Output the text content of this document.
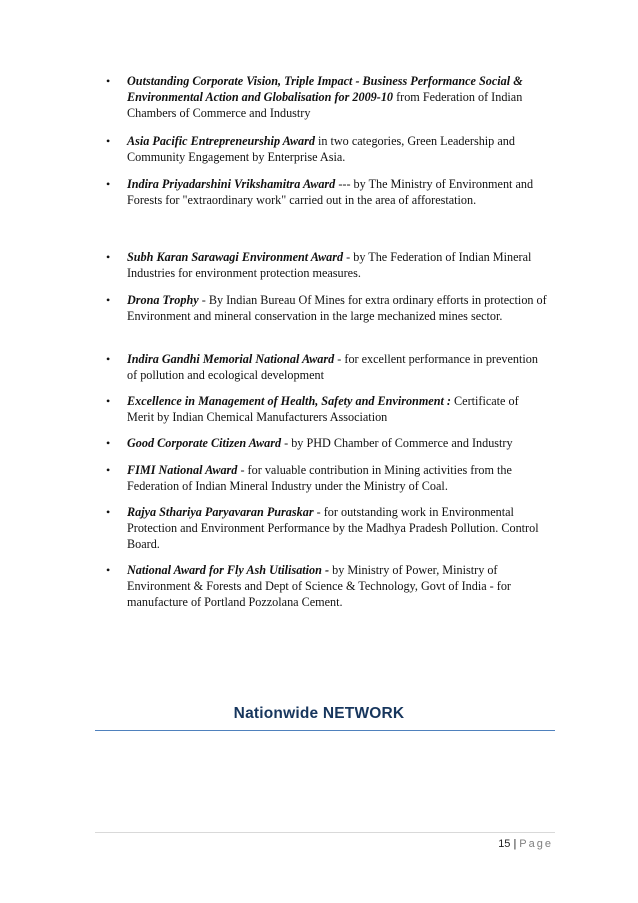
• Outstanding Corporate Vision, Triple Impact - Business Performance Social & Environmental Action and Globalisation for 2009-10 from Federation of Indian Chambers of Commerce and Industry
• Asia Pacific Entrepreneurship Award in two categories, Green Leadership and Community Engagement by Enterprise Asia.
• Indira Priyadarshini Vrikshamitra Award --- by The Ministry of Environment and Forests for "extraordinary work" carried out in the area of afforestation.
• Subh Karan Sarawagi Environment Award - by The Federation of Indian Mineral Industries for environment protection measures.
• Drona Trophy - By Indian Bureau Of Mines for extra ordinary efforts in protection of Environment and mineral conservation in the large mechanized mines sector.
• Indira Gandhi Memorial National Award - for excellent performance in prevention of pollution and ecological development
• Excellence in Management of Health, Safety and Environment : Certificate of Merit by Indian Chemical Manufacturers Association
• Good Corporate Citizen Award - by PHD Chamber of Commerce and Industry
• FIMI National Award - for valuable contribution in Mining activities from the Federation of Indian Mineral Industry under the Ministry of Coal.
• Rajya Sthariya Paryavaran Puraskar - for outstanding work in Environmental Protection and Environment Performance by the Madhya Pradesh Pollution. Control Board.
• National Award for Fly Ash Utilisation - by Ministry of Power, Ministry of Environment & Forests and Dept of Science & Technology, Govt of India - for manufacture of Portland Pozzolana Cement.
Nationwide NETWORK
15 | Page
